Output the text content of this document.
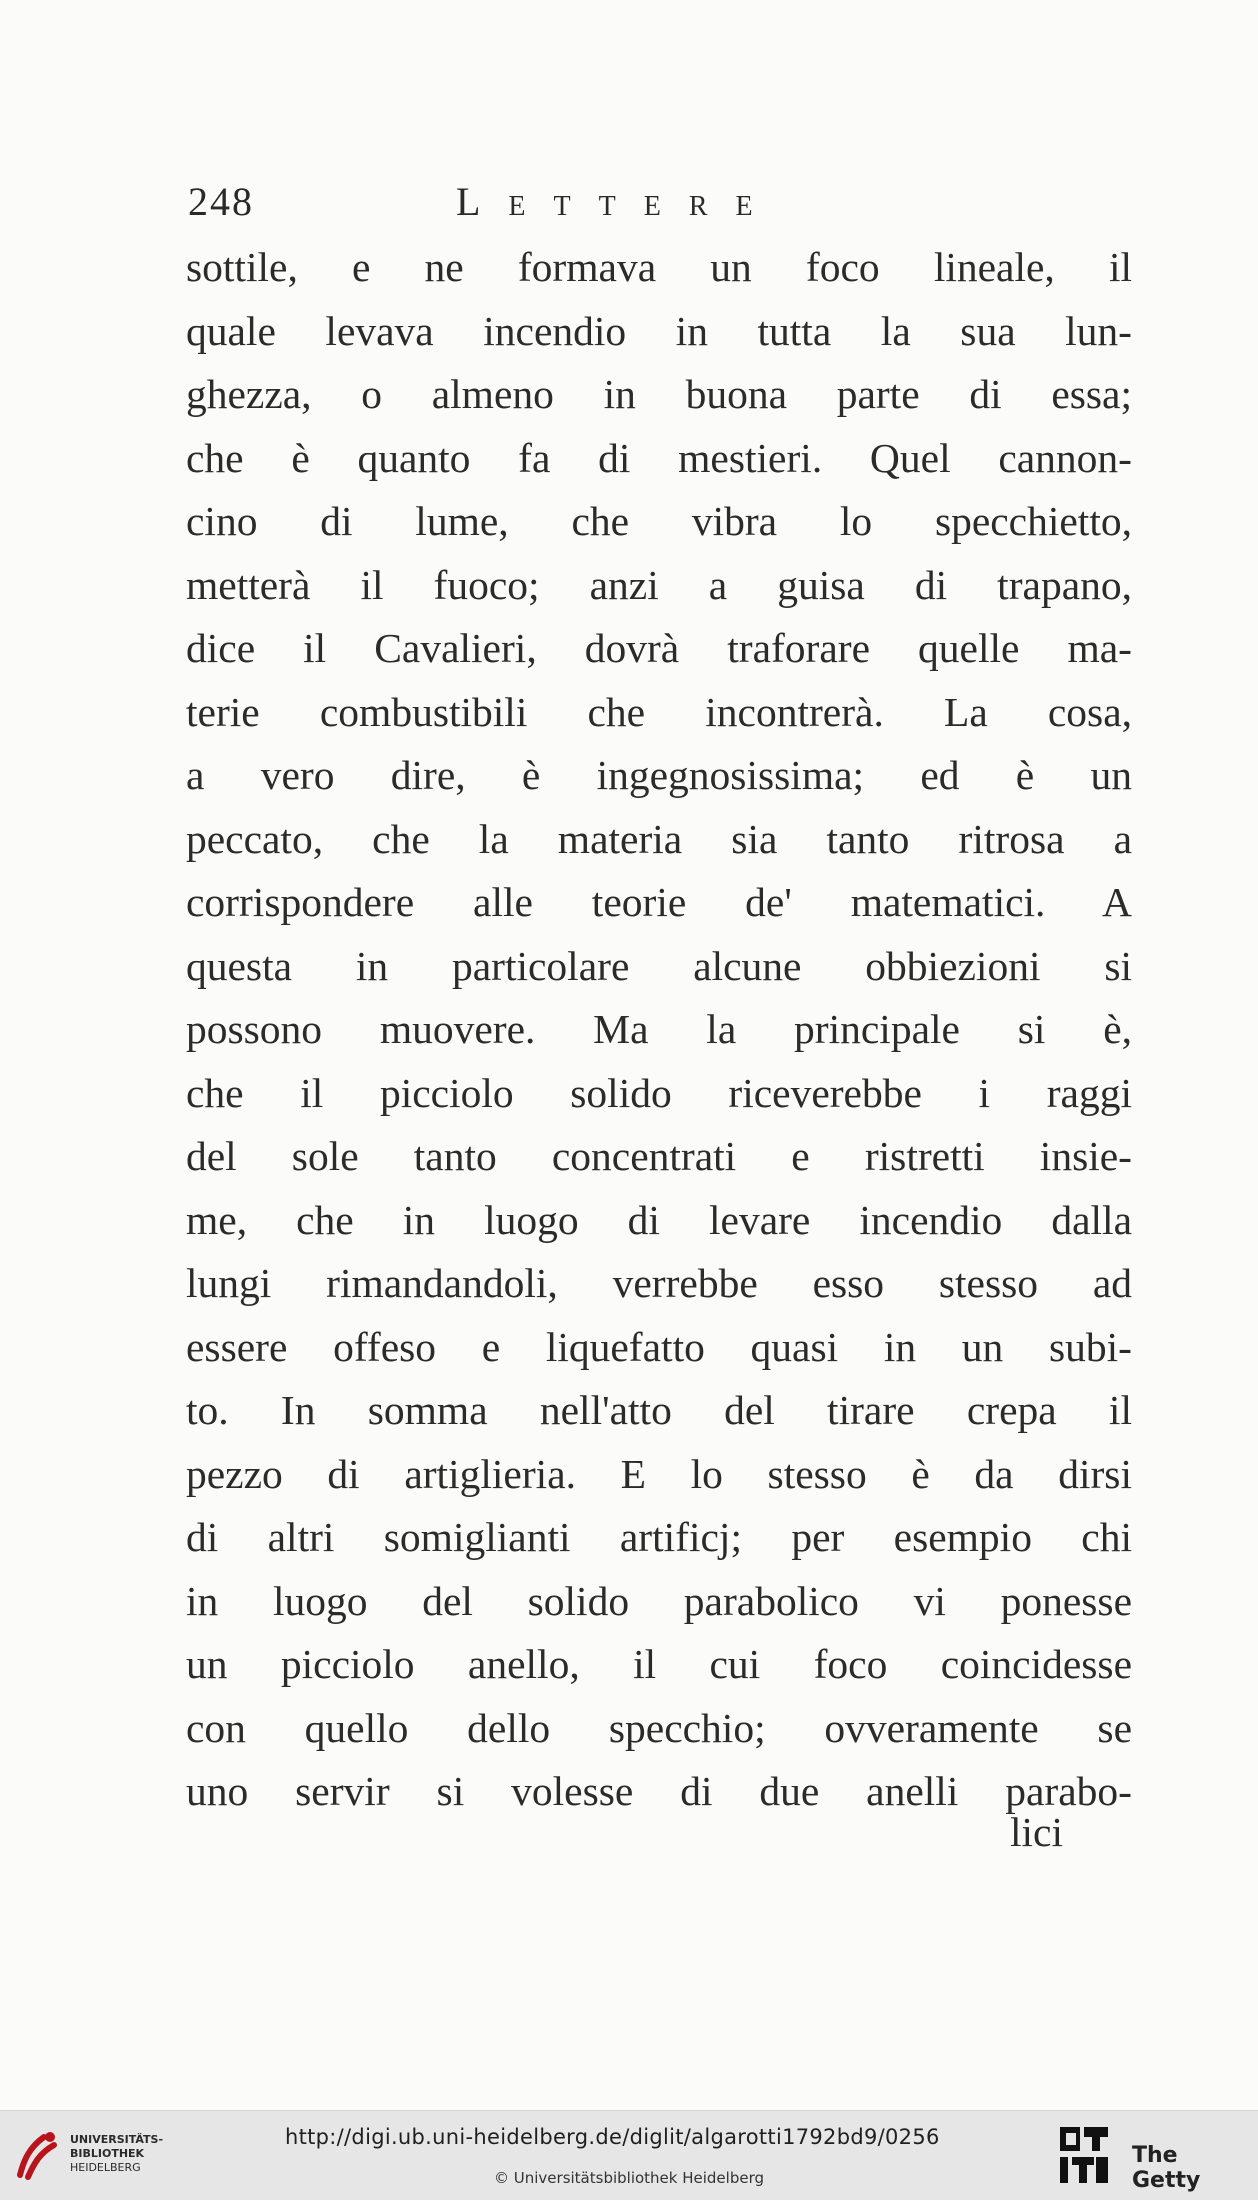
248	Lettere
sottile, e ne formava un foco lineale, il
quale levava incendio in tutta la sua lun-
ghezza, o almeno in buona parte di essa;
che è quanto fa di mestieri. Quel cannon-
cino di lume, che vibra lo specchietto,
metterà il fuoco; anzi a guisa di trapano,
dice il Cavalieri, dovrà traforare quelle ma-
terie combustibili che incontrerà. La cosa,
a vero dire, è ingegnosissima; ed è un
peccato, che la materia sia tanto ritrosa a
corrispondere alle teorie de' matematici. A
questa in particolare alcune obbiezioni si
possono muovere. Ma la principale si è,
che il picciolo solido riceverebbe i raggi
del sole tanto concentrati e ristretti insie-
me, che in luogo di levare incendio dalla
lungi rimandandoli, verrebbe esso stesso ad
essere offeso e liquefatto quasi in un subi-
to. In somma nell'atto del tirare crepa il
pezzo di artiglieria. E lo stesso è da dirsi
di altri somiglianti artificj; per esempio chi
in luogo del solido parabolico vi ponesse
un picciolo anello, il cui foco coincidesse
con quello dello specchio; ovveramente se
uno servir si volesse di due anelli parabo-
lici
UNIVERSITÄTS-
BIBLIOTHEK
HEIDELBERG
http://digi.ub.uni-heidelberg.de/diglit/algarotti1792bd9/0256
© Universitätsbibliothek Heidelberg
The Getty
